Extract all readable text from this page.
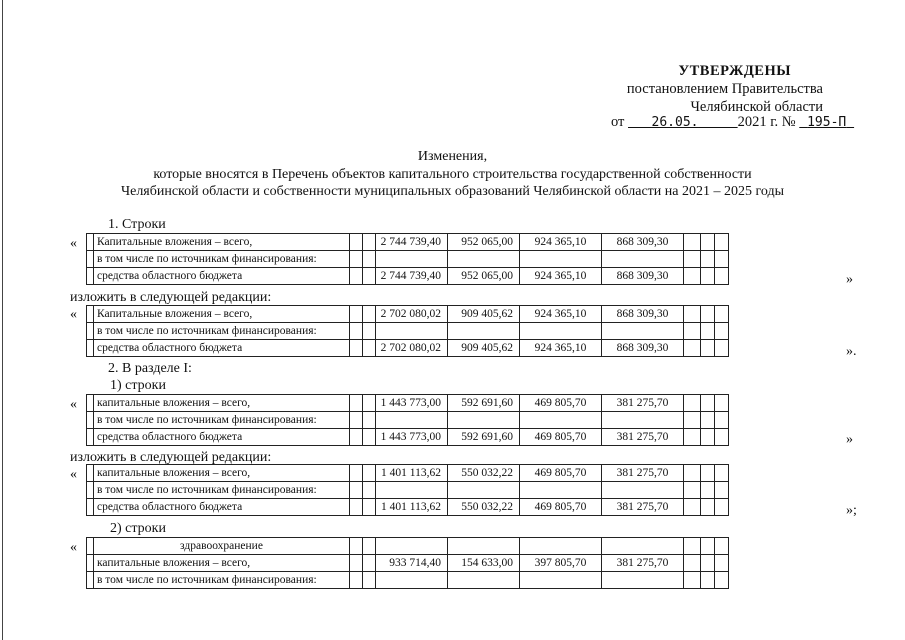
УТВЕРЖДЕНЫ
постановлением Правительства
Челябинской области
от 26.05.	2021 г. № 195-П
Изменения,
которые вносятся в Перечень объектов капитального строительства государственной собственности
Челябинской области и собственности муниципальных образований Челябинской области на 2021 – 2025 годы
1. Строки
«
	Капитальные вложения – всего,			2 744 739,40	952 065,00	924 365,10	868 309,30			
	в том числе по источникам финансирования:									
	средства областного бюджета			2 744 739,40	952 065,00	924 365,10	868 309,30				»
изложить в следующей редакции:
«
	Капитальные вложения – всего,			2 702 080,02	909 405,62	924 365,10	868 309,30			
	в том числе по источникам финансирования:									
	средства областного бюджета			2 702 080,02	909 405,62	924 365,10	868 309,30				».
2. В разделе I:
1) строки
«
	капитальные вложения – всего,			1 443 773,00	592 691,60	469 805,70	381 275,70			
	в том числе по источникам финансирования:									
	средства областного бюджета			1 443 773,00	592 691,60	469 805,70	381 275,70				»
изложить в следующей редакции:
«
	капитальные вложения – всего,			1 401 113,62	550 032,22	469 805,70	381 275,70			
	в том числе по источникам финансирования:									
	средства областного бюджета			1 401 113,62	550 032,22	469 805,70	381 275,70				»;
2) строки
«
		здравоохранение									
	капитальные вложения – всего,			933 714,40	154 633,00	397 805,70	381 275,70			
	в том числе по источникам финансирования:									
